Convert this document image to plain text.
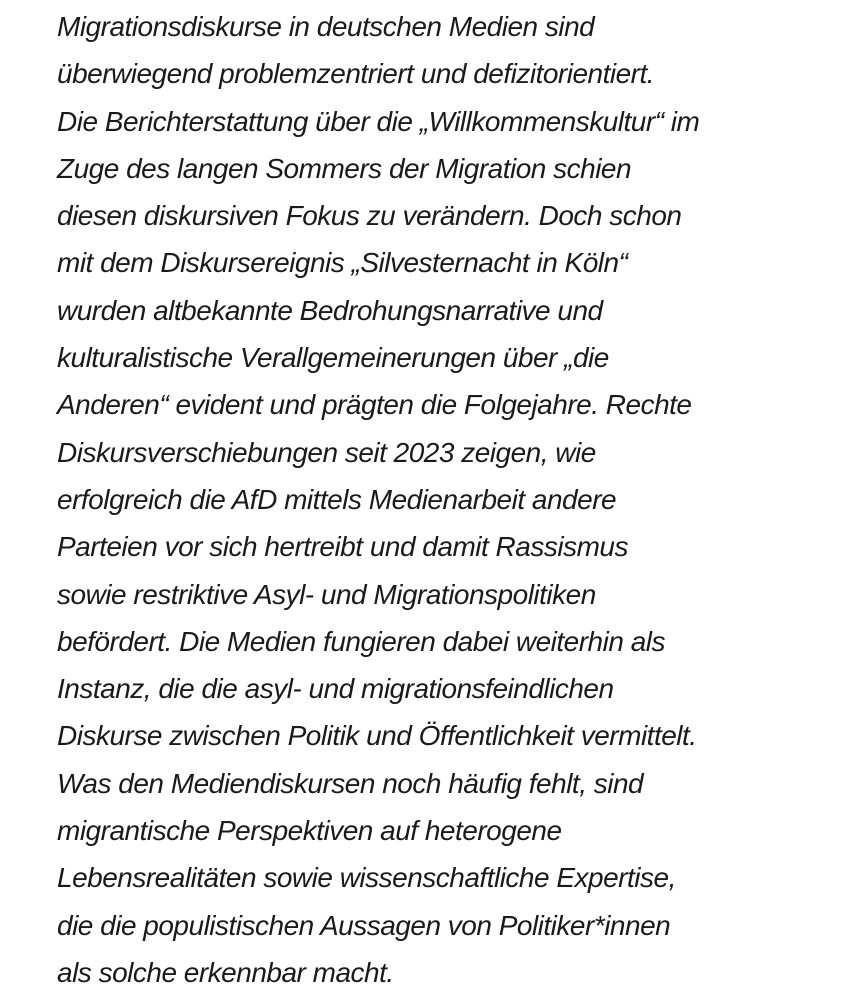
Migrationsdiskurse in deutschen Medien sind
überwiegend problemzentriert und defizitorientiert.
Die Berichterstattung über die „Willkommenskultur“ im
Zuge des langen Sommers der Migration schien
diesen diskursiven Fokus zu verändern. Doch schon
mit dem Diskursereignis „Silvesternacht in Köln“
wurden altbekannte Bedrohungsnarrative und
kulturalistische Verallgemeinerungen über „die
Anderen“ evident und prägten die Folgejahre. Rechte
Diskursverschiebungen seit 2023 zeigen, wie
erfolgreich die AfD mittels Medienarbeit andere
Parteien vor sich hertreibt und damit Rassismus
sowie restriktive Asyl- und Migrationspolitiken
befördert. Die Medien fungieren dabei weiterhin als
Instanz, die die asyl- und migrationsfeindlichen
Diskurse zwischen Politik und Öffentlichkeit vermittelt.
Was den Mediendiskursen noch häufig fehlt, sind
migrantische Perspektiven auf heterogene
Lebensrealitäten sowie wissenschaftliche Expertise,
die die populistischen Aussagen von Politiker*innen
als solche erkennbar macht.
